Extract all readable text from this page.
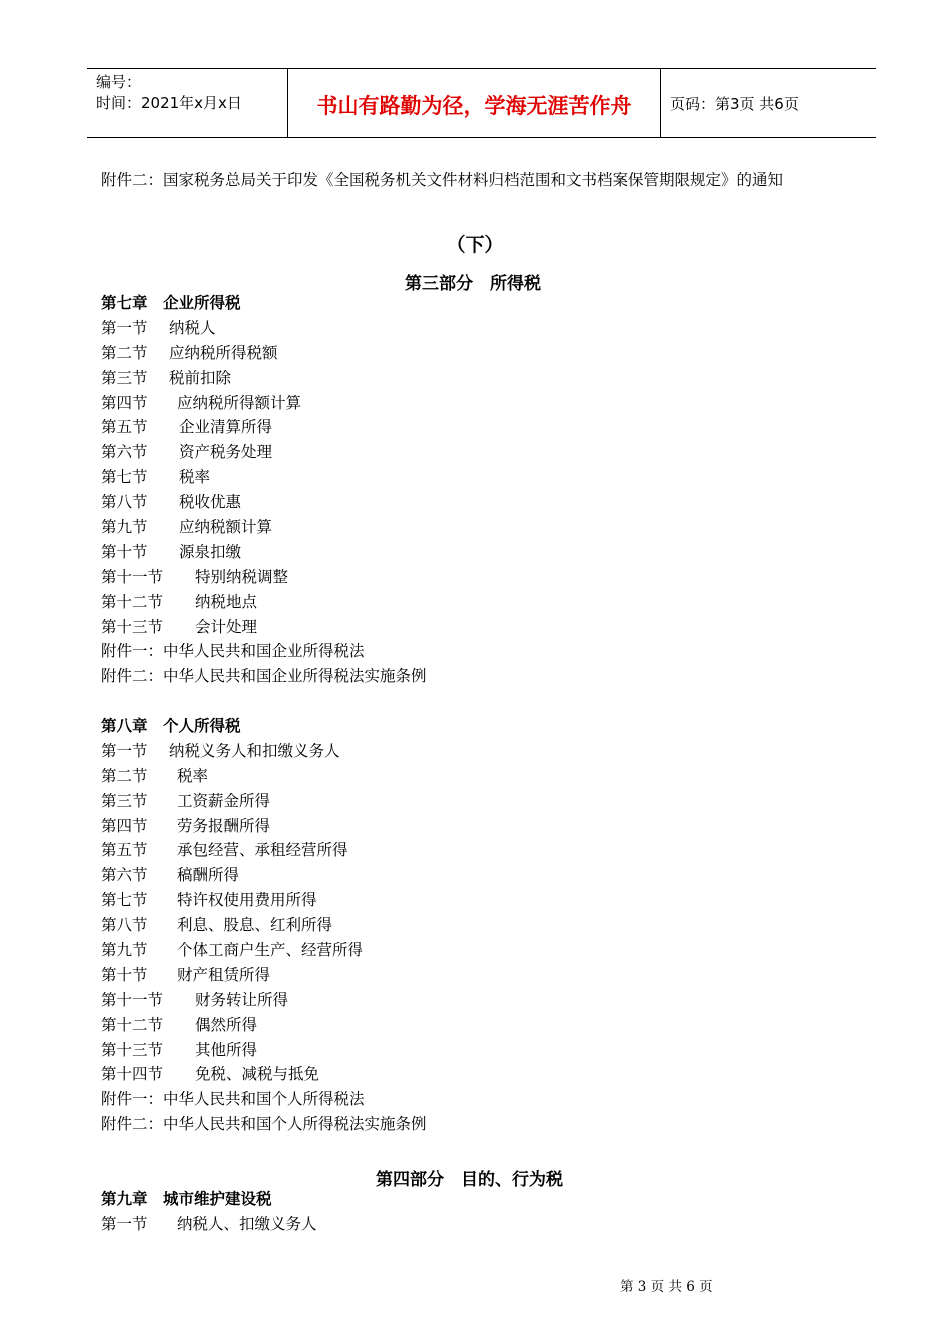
编号：
时间：2021年x月x日	书山有路勤为径，学海无涯苦作舟	页码：第3页 共6页
附件二：国家税务总局关于印发《全国税务机关文件材料归档范围和文书档案保管期限规定》的通知
（下）
第三部分　所得税
第七章　企业所得税
第一节 纳税人
第二节 应纳税所得税额
第三节 税前扣除
第四节 应纳税所得额计算
第五节 企业清算所得
第六节 资产税务处理
第七节 税率
第八节 税收优惠
第九节 应纳税额计算
第十节 源泉扣缴
第十一节 特别纳税调整
第十二节 纳税地点
第十三节 会计处理
附件一：中华人民共和国企业所得税法
附件二：中华人民共和国企业所得税法实施条例
第八章　个人所得税
第一节 纳税义务人和扣缴义务人
第二节 税率
第三节 工资薪金所得
第四节 劳务报酬所得
第五节 承包经营、承租经营所得
第六节 稿酬所得
第七节 特许权使用费用所得
第八节 利息、股息、红利所得
第九节 个体工商户生产、经营所得
第十节 财产租赁所得
第十一节 财务转让所得
第十二节 偶然所得
第十三节 其他所得
第十四节 免税、减税与抵免
附件一：中华人民共和国个人所得税法
附件二：中华人民共和国个人所得税法实施条例
第四部分　目的、行为税
第九章　城市维护建设税
第一节 纳税人、扣缴义务人
第 3 页 共 6 页
